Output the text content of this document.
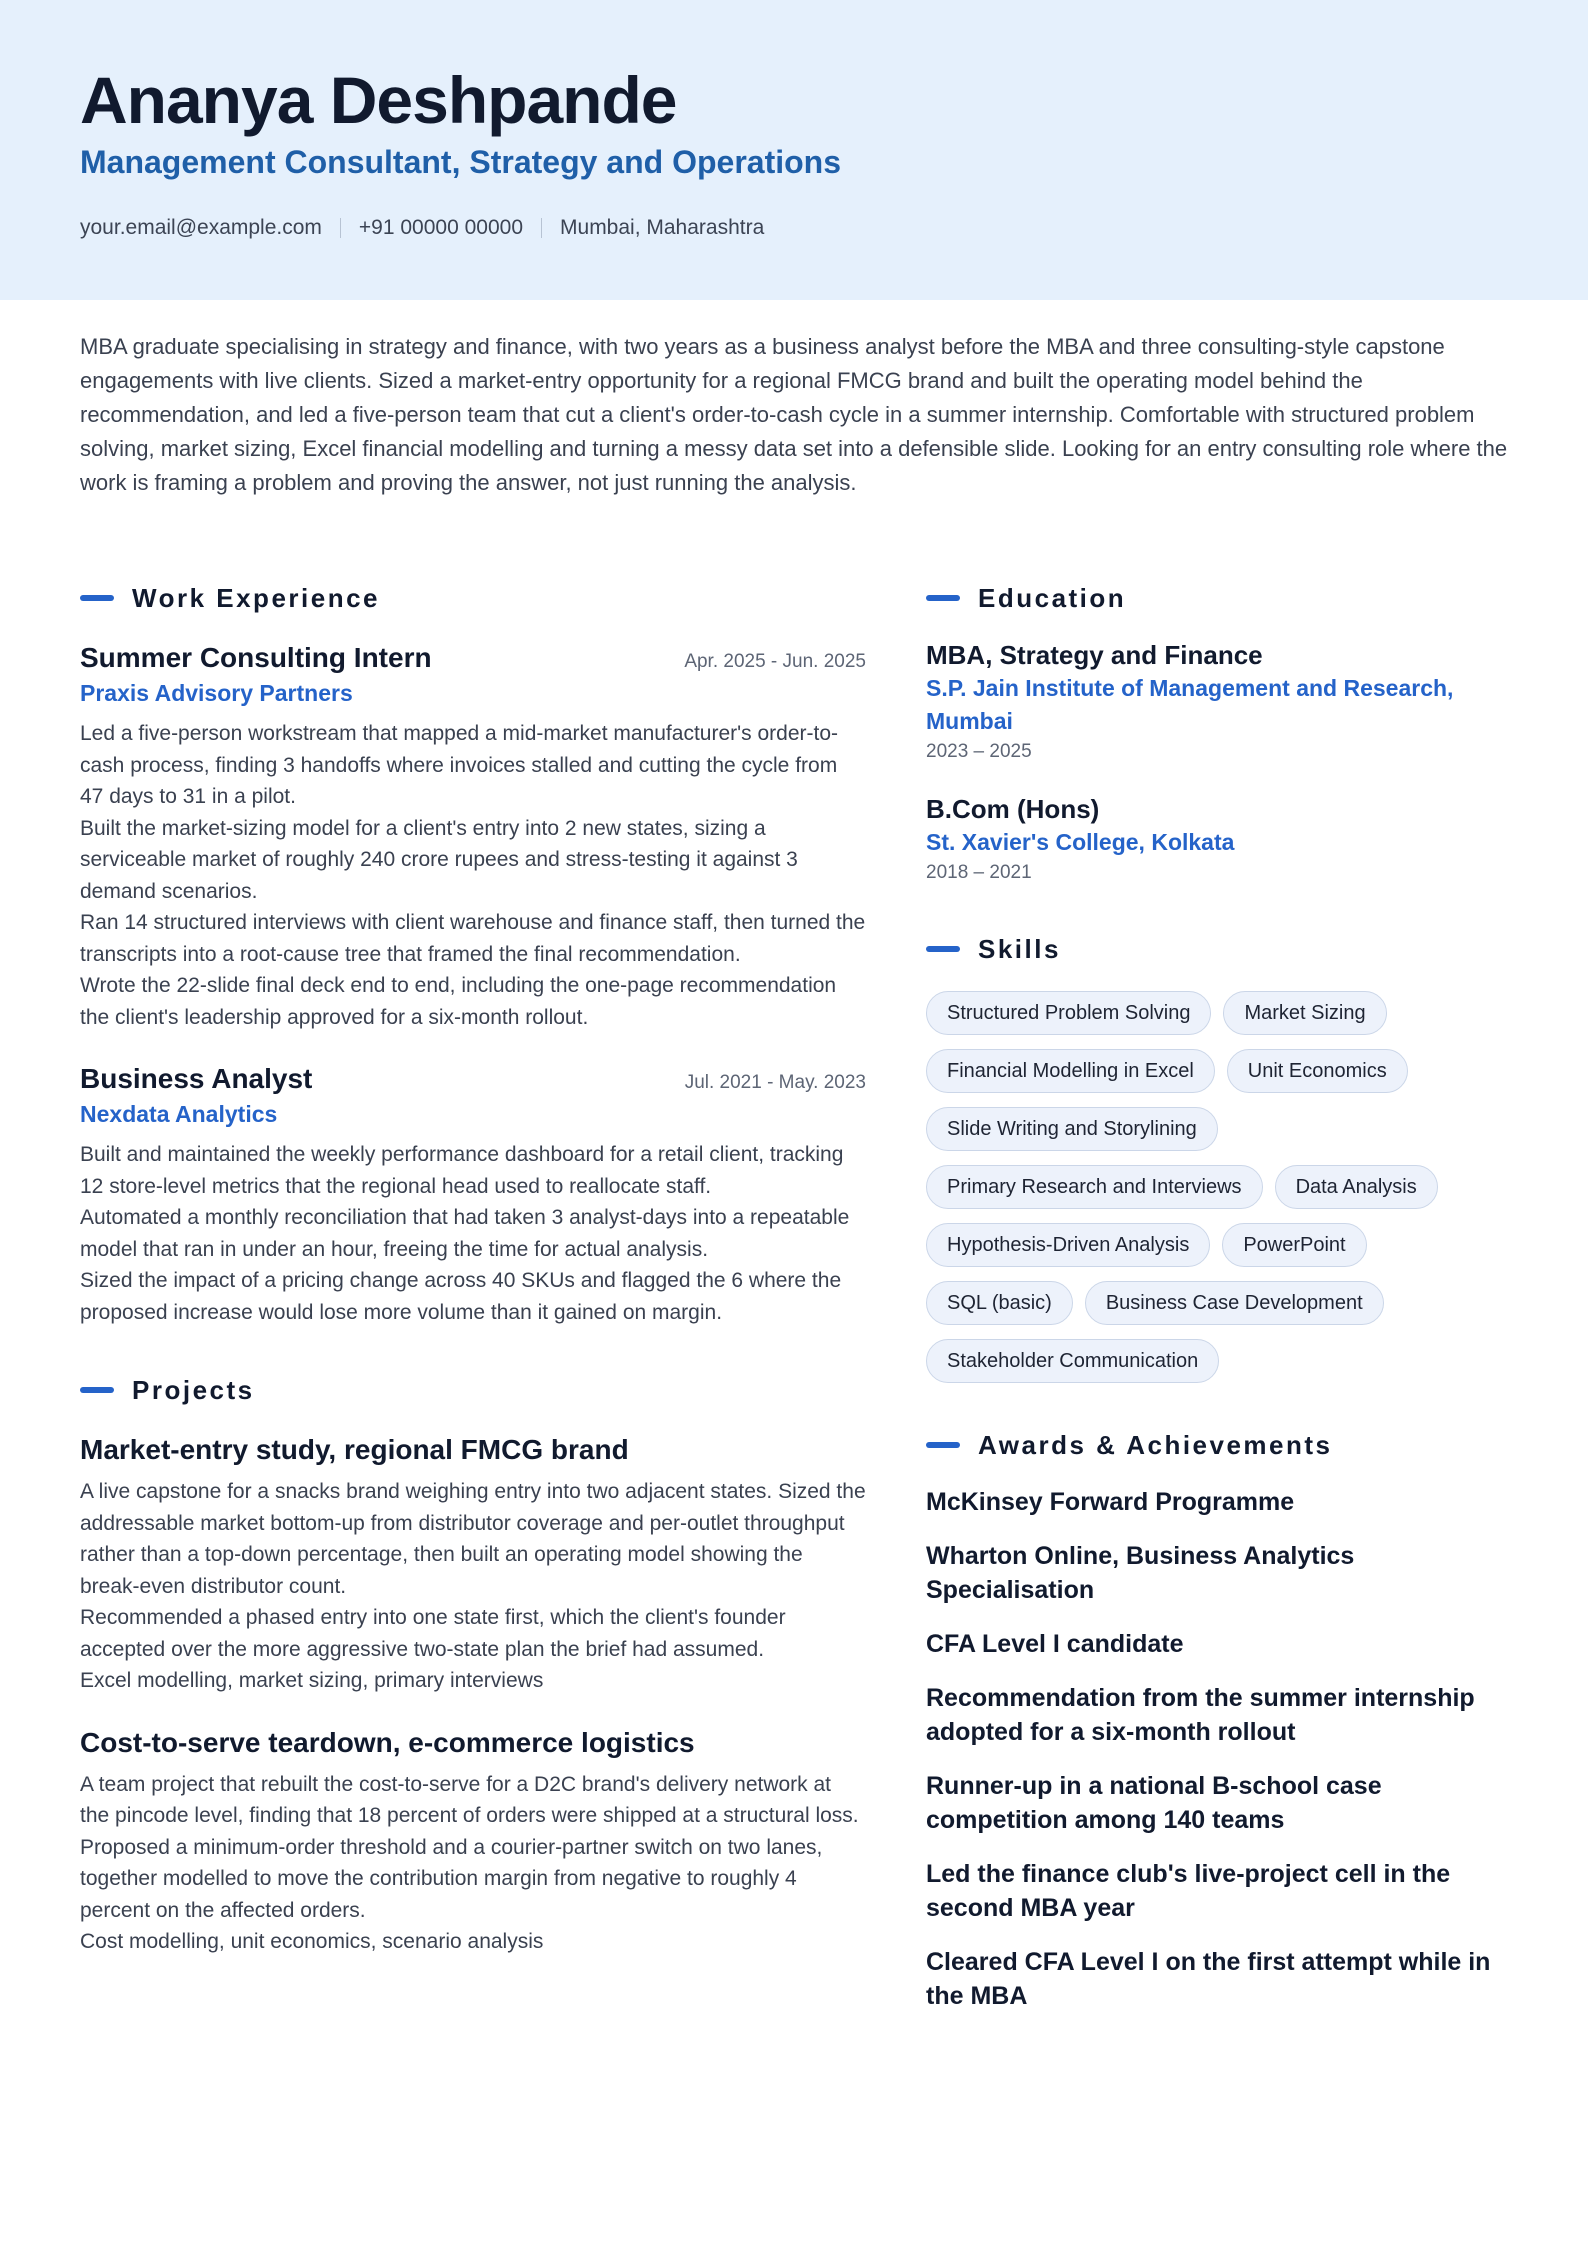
Ananya Deshpande
Management Consultant, Strategy and Operations
your.email@example.com +91 00000 00000 Mumbai, Maharashtra
MBA graduate specialising in strategy and finance, with two years as a business analyst before the MBA and three consulting-style capstone engagements with live clients. Sized a market-entry opportunity for a regional FMCG brand and built the operating model behind the recommendation, and led a five-person team that cut a client's order-to-cash cycle in a summer internship. Comfortable with structured problem solving, market sizing, Excel financial modelling and turning a messy data set into a defensible slide. Looking for an entry consulting role where the work is framing a problem and proving the answer, not just running the analysis.
Work Experience
Summer Consulting Intern	Apr. 2025 - Jun. 2025
Praxis Advisory Partners
Led a five-person workstream that mapped a mid-market manufacturer's order-to-cash process, finding 3 handoffs where invoices stalled and cutting the cycle from 47 days to 31 in a pilot.
Built the market-sizing model for a client's entry into 2 new states, sizing a serviceable market of roughly 240 crore rupees and stress-testing it against 3 demand scenarios.
Ran 14 structured interviews with client warehouse and finance staff, then turned the transcripts into a root-cause tree that framed the final recommendation.
Wrote the 22-slide final deck end to end, including the one-page recommendation the client's leadership approved for a six-month rollout.
Business Analyst	Jul. 2021 - May. 2023
Nexdata Analytics
Built and maintained the weekly performance dashboard for a retail client, tracking 12 store-level metrics that the regional head used to reallocate staff.
Automated a monthly reconciliation that had taken 3 analyst-days into a repeatable model that ran in under an hour, freeing the time for actual analysis.
Sized the impact of a pricing change across 40 SKUs and flagged the 6 where the proposed increase would lose more volume than it gained on margin.
Projects
Market-entry study, regional FMCG brand
A live capstone for a snacks brand weighing entry into two adjacent states. Sized the addressable market bottom-up from distributor coverage and per-outlet throughput rather than a top-down percentage, then built an operating model showing the break-even distributor count.
Recommended a phased entry into one state first, which the client's founder accepted over the more aggressive two-state plan the brief had assumed.
Excel modelling, market sizing, primary interviews
Cost-to-serve teardown, e-commerce logistics
A team project that rebuilt the cost-to-serve for a D2C brand's delivery network at the pincode level, finding that 18 percent of orders were shipped at a structural loss. Proposed a minimum-order threshold and a courier-partner switch on two lanes, together modelled to move the contribution margin from negative to roughly 4 percent on the affected orders.
Cost modelling, unit economics, scenario analysis
Education
MBA, Strategy and Finance
S.P. Jain Institute of Management and Research, Mumbai
2023 – 2025
B.Com (Hons)
St. Xavier's College, Kolkata
2018 – 2021
Skills
Structured Problem Solving	Market Sizing
Financial Modelling in Excel	Unit Economics
Slide Writing and Storylining
Primary Research and Interviews	Data Analysis
Hypothesis-Driven Analysis	PowerPoint
SQL (basic)	Business Case Development
Stakeholder Communication
Awards & Achievements
McKinsey Forward Programme
Wharton Online, Business Analytics Specialisation
CFA Level I candidate
Recommendation from the summer internship adopted for a six-month rollout
Runner-up in a national B-school case competition among 140 teams
Led the finance club's live-project cell in the second MBA year
Cleared CFA Level I on the first attempt while in the MBA
